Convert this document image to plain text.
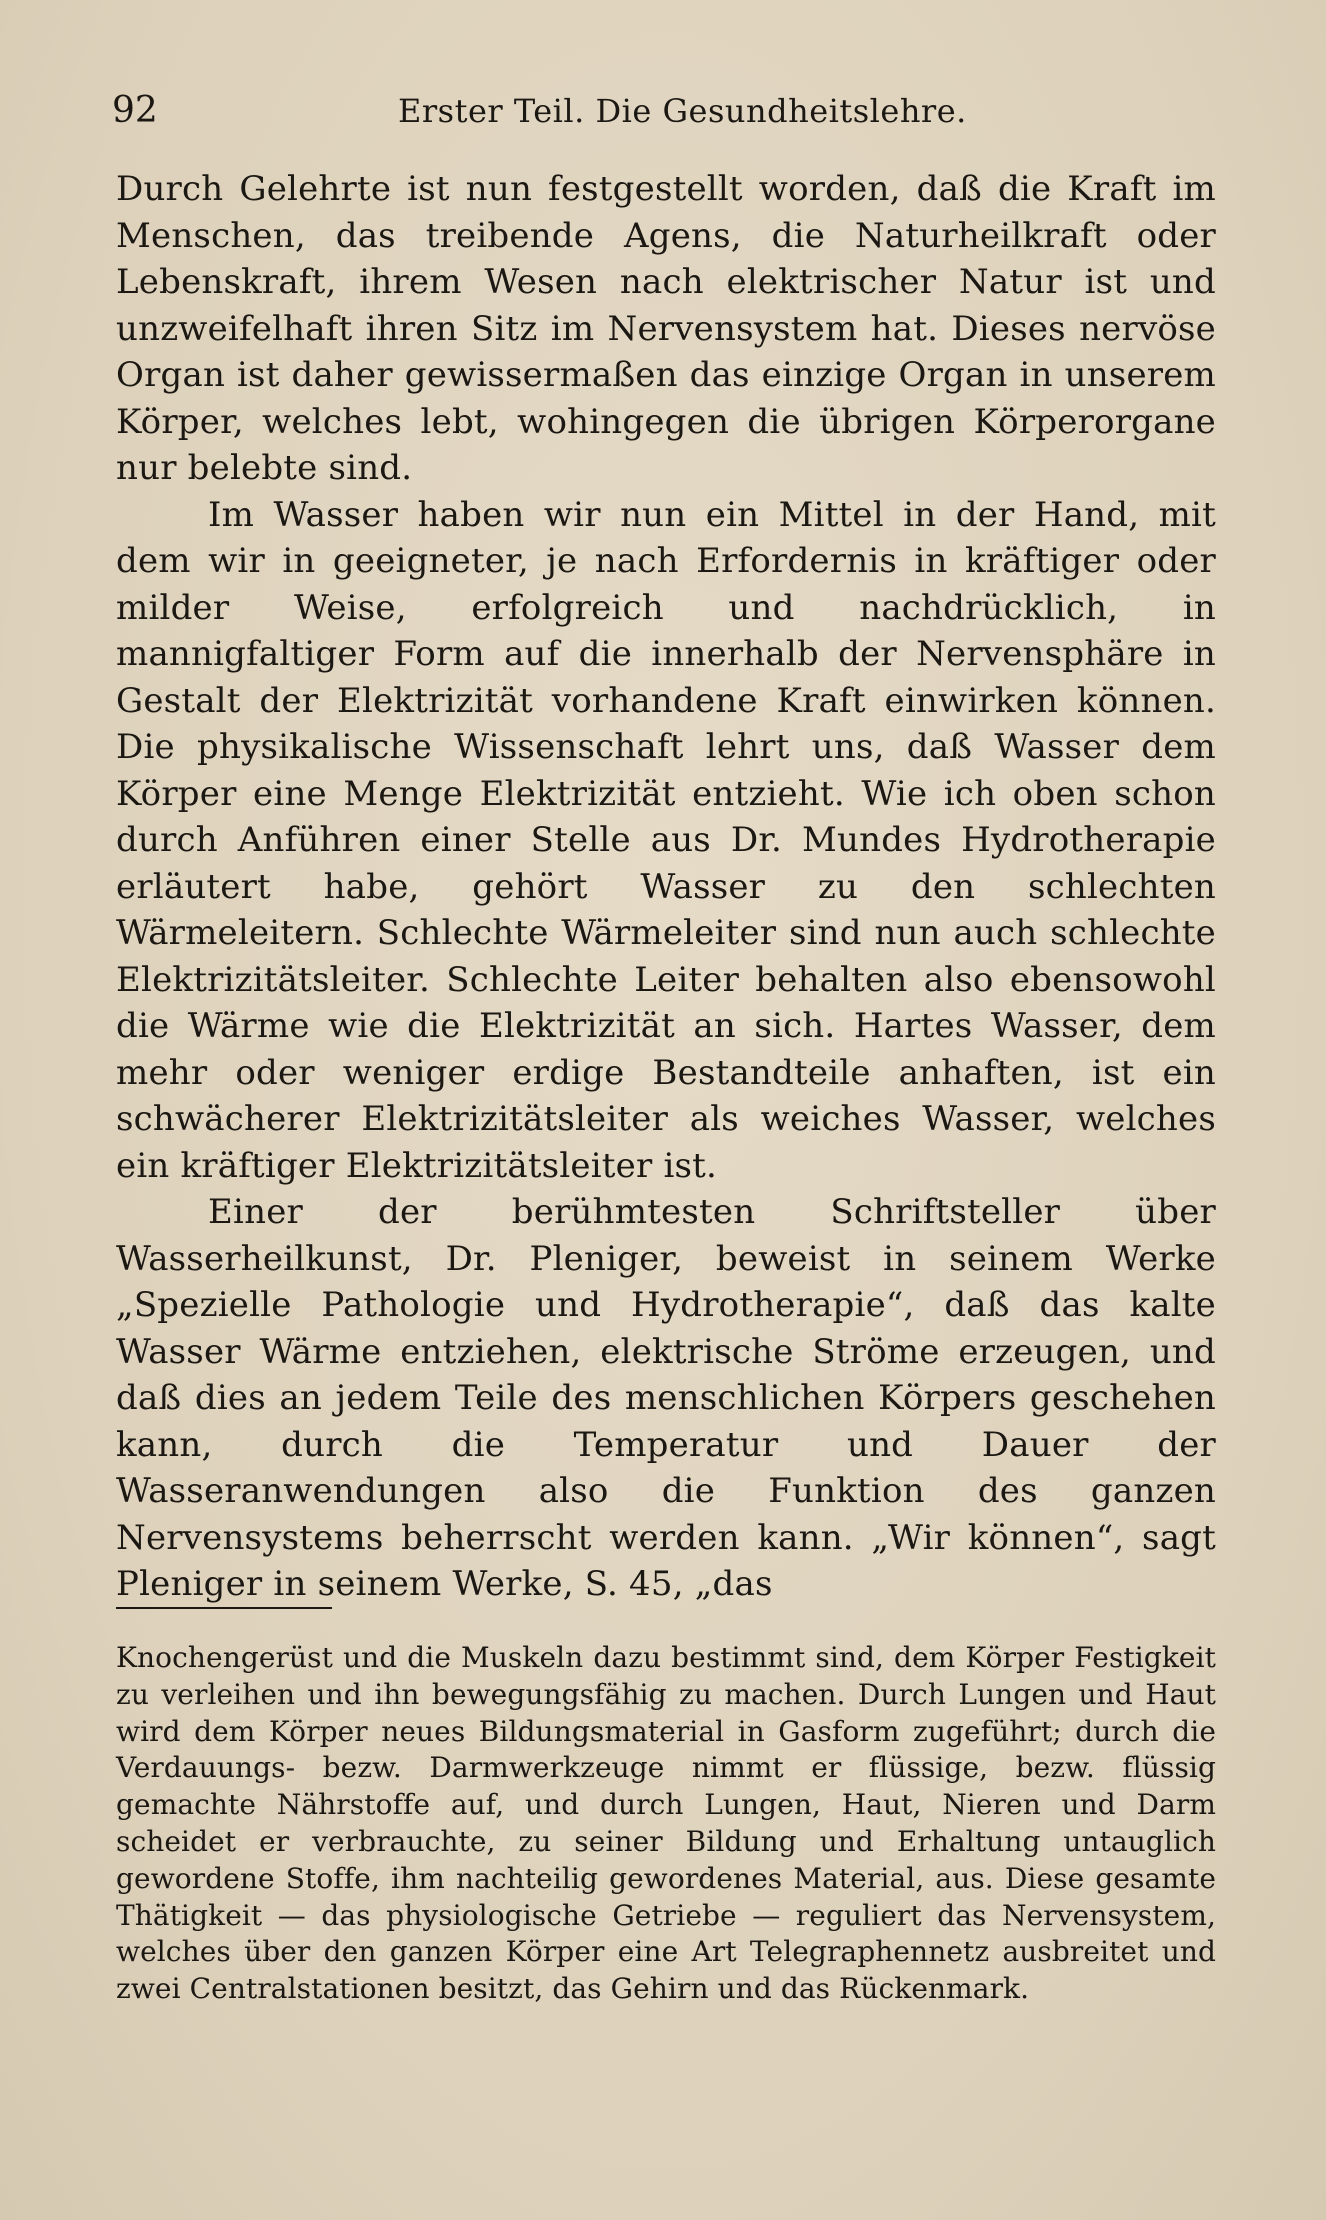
92	Erster Teil. Die Gesundheitslehre.

Durch Gelehrte ist nun festgestellt worden, daß die Kraft im Menschen, das treibende Agens, die Naturheilkraft oder Lebenskraft, ihrem Wesen nach elektrischer Natur ist und unzweifelhaft ihren Sitz im Nervensystem hat. Dieses nervöse Organ ist daher gewissermaßen das einzige Organ in unserem Körper, welches lebt, wohingegen die übrigen Körperorgane nur belebte sind.

Im Wasser haben wir nun ein Mittel in der Hand, mit dem wir in geeigneter, je nach Erfordernis in kräftiger oder milder Weise, erfolgreich und nachdrücklich, in mannigfaltiger Form auf die innerhalb der Nervensphäre in Gestalt der Elektrizität vorhandene Kraft einwirken können. Die physikalische Wissenschaft lehrt uns, daß Wasser dem Körper eine Menge Elektrizität entzieht. Wie ich oben schon durch Anführen einer Stelle aus Dr. Mundes Hydrotherapie erläutert habe, gehört Wasser zu den schlechten Wärmeleitern. Schlechte Wärmeleiter sind nun auch schlechte Elektrizitätsleiter. Schlechte Leiter behalten also ebensowohl die Wärme wie die Elektrizität an sich. Hartes Wasser, dem mehr oder weniger erdige Bestandteile anhaften, ist ein schwächerer Elektrizitätsleiter als weiches Wasser, welches ein kräftiger Elektrizitätsleiter ist.

Einer der berühmtesten Schriftsteller über Wasserheilkunst, Dr. Pleniger, beweist in seinem Werke „Spezielle Pathologie und Hydrotherapie“, daß das kalte Wasser Wärme entziehen, elektrische Ströme erzeugen, und daß dies an jedem Teile des menschlichen Körpers geschehen kann, durch die Temperatur und Dauer der Wasseranwendungen also die Funktion des ganzen Nervensystems beherrscht werden kann. „Wir können“, sagt Pleniger in seinem Werke, S. 45, „das

Knochengerüst und die Muskeln dazu bestimmt sind, dem Körper Festigkeit zu verleihen und ihn bewegungsfähig zu machen. Durch Lungen und Haut wird dem Körper neues Bildungsmaterial in Gasform zugeführt; durch die Verdauungs- bezw. Darmwerkzeuge nimmt er flüssige, bezw. flüssig gemachte Nährstoffe auf, und durch Lungen, Haut, Nieren und Darm scheidet er verbrauchte, zu seiner Bildung und Erhaltung untauglich gewordene Stoffe, ihm nachteilig gewordenes Material, aus. Diese gesamte Thätigkeit — das physiologische Getriebe — reguliert das Nervensystem, welches über den ganzen Körper eine Art Telegraphennetz ausbreitet und zwei Centralstationen besitzt, das Gehirn und das Rückenmark.
